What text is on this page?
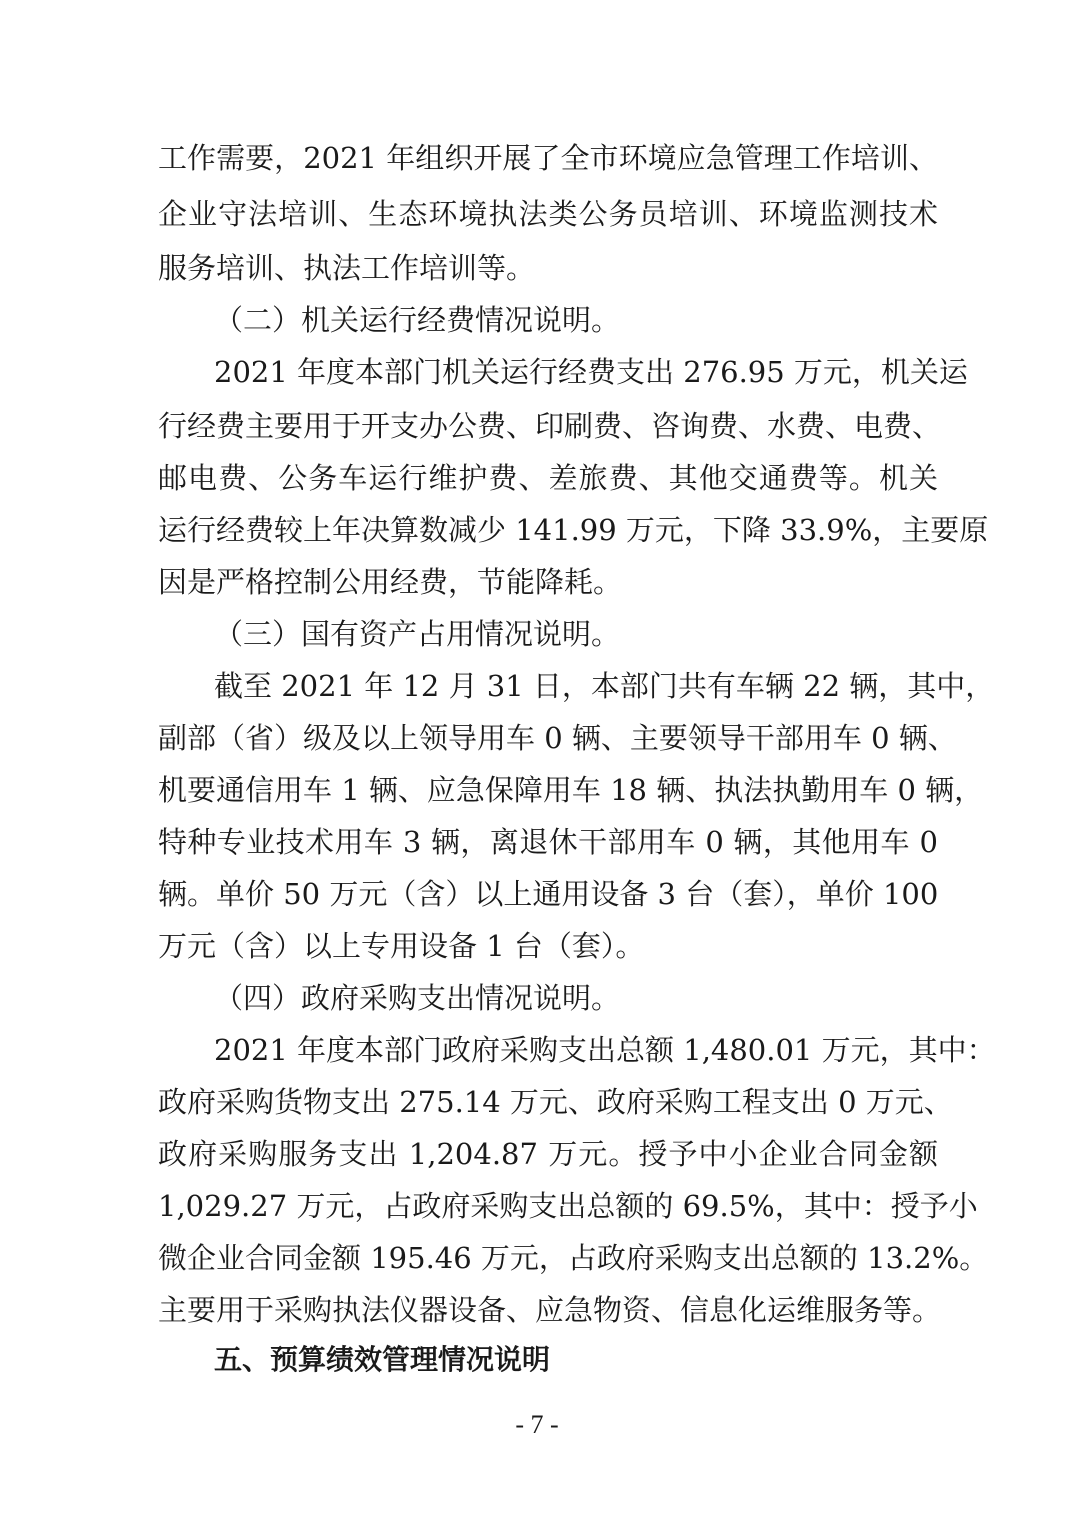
工作需要，2021 年组织开展了全市环境应急管理工作培训、
企业守法培训、生态环境执法类公务员培训、环境监测技术
服务培训、执法工作培训等。
（二）机关运行经费情况说明。
2021 年度本部门机关运行经费支出 276.95 万元，机关运
行经费主要用于开支办公费、印刷费、咨询费、水费、电费、
邮电费、公务车运行维护费、差旅费、其他交通费等。机关
运行经费较上年决算数减少 141.99 万元，下降 33.9%，主要原
因是严格控制公用经费，节能降耗。
（三）国有资产占用情况说明。
截至 2021 年 12 月 31 日，本部门共有车辆 22 辆，其中，
副部（省）级及以上领导用车 0 辆、主要领导干部用车 0 辆、
机要通信用车 1 辆、应急保障用车 18 辆、执法执勤用车 0 辆，
特种专业技术用车 3 辆，离退休干部用车 0 辆，其他用车 0
辆。单价 50 万元（含）以上通用设备 3 台（套），单价 100
万元（含）以上专用设备 1 台（套）。
（四）政府采购支出情况说明。
2021 年度本部门政府采购支出总额 1,480.01 万元，其中：
政府采购货物支出 275.14 万元、政府采购工程支出 0 万元、
政府采购服务支出 1,204.87 万元。授予中小企业合同金额
1,029.27 万元，占政府采购支出总额的 69.5%，其中：授予小
微企业合同金额 195.46 万元，占政府采购支出总额的 13.2%。
主要用于采购执法仪器设备、应急物资、信息化运维服务等。
五、预算绩效管理情况说明
- 7 -
